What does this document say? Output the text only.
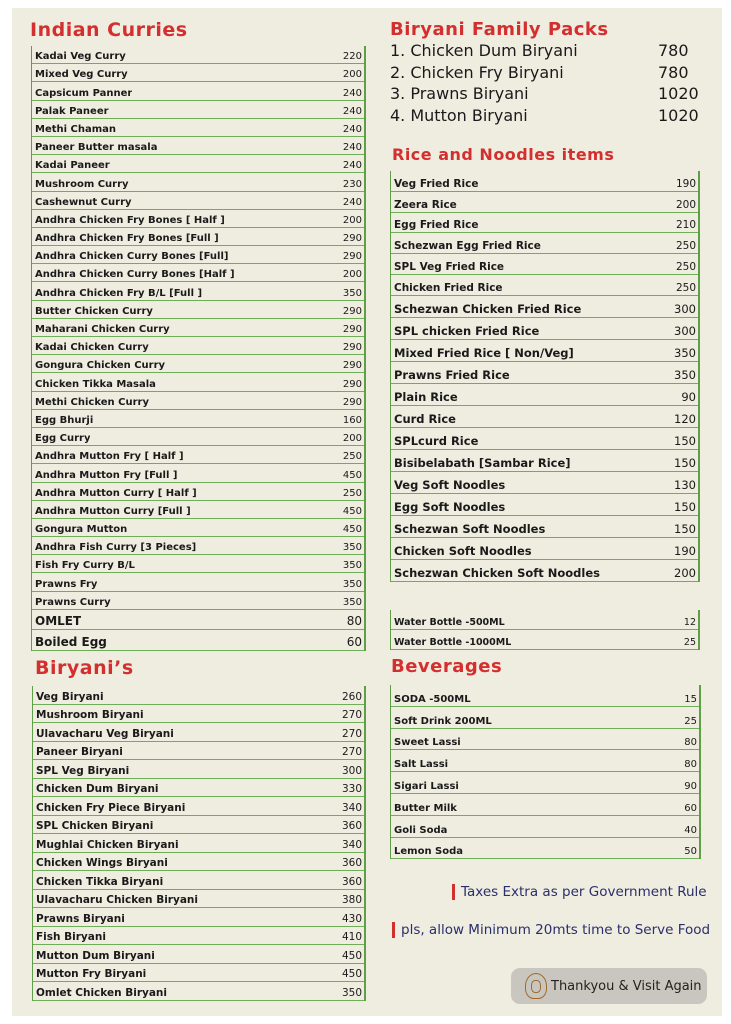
Indian Curries
Kadai Veg Curry	220
Mixed Veg Curry	200
Capsicum Panner	240
Palak Paneer	240
Methi Chaman	240
Paneer Butter masala	240
Kadai Paneer	240
Mushroom Curry	230
Cashewnut Curry	240
Andhra Chicken Fry Bones [ Half ]	200
Andhra Chicken Fry Bones [Full ]	290
Andhra Chicken Curry Bones [Full]	290
Andhra Chicken Curry Bones [Half ]	200
Andhra Chicken Fry B/L [Full ]	350
Butter Chicken Curry	290
Maharani Chicken Curry	290
Kadai Chicken Curry	290
Gongura Chicken Curry	290
Chicken Tikka Masala	290
Methi Chicken Curry	290
Egg Bhurji	160
Egg Curry	200
Andhra Mutton Fry [ Half ]	250
Andhra Mutton Fry [Full ]	450
Andhra Mutton Curry [ Half ]	250
Andhra Mutton Curry [Full ]	450
Gongura Mutton	450
Andhra Fish Curry [3 Pieces]	350
Fish Fry Curry B/L	350
Prawns Fry	350
Prawns Curry	350
OMLET	80
Boiled Egg	60
Biryani’s
Veg Biryani	260
Mushroom Biryani	270
Ulavacharu Veg Biryani	270
Paneer Biryani	270
SPL Veg Biryani	300
Chicken Dum Biryani	330
Chicken Fry Piece Biryani	340
SPL Chicken Biryani	360
Mughlai Chicken Biryani	340
Chicken Wings Biryani	360
Chicken Tikka Biryani	360
Ulavacharu Chicken Biryani	380
Prawns Biryani	430
Fish Biryani	410
Mutton Dum Biryani	450
Mutton Fry Biryani	450
Omlet Chicken Biryani	350
Biryani Family Packs
1. Chicken Dum Biryani	780
2. Chicken Fry Biryani	780
3. Prawns Biryani	1020
4. Mutton Biryani	1020
Rice and Noodles items
Veg Fried Rice	190
Zeera Rice	200
Egg Fried Rice	210
Schezwan Egg Fried Rice	250
SPL Veg Fried Rice	250
Chicken Fried Rice	250
Schezwan Chicken Fried Rice	300
SPL chicken Fried Rice	300
Mixed Fried Rice [ Non/Veg]	350
Prawns Fried Rice	350
Plain Rice	90
Curd Rice	120
SPLcurd Rice	150
Bisibelabath [Sambar Rice]	150
Veg Soft Noodles	130
Egg Soft Noodles	150
Schezwan Soft Noodles	150
Chicken Soft Noodles	190
Schezwan Chicken Soft Noodles	200
Water Bottle -500ML	12
Water Bottle -1000ML	25
Beverages
SODA -500ML	15
Soft Drink 200ML	25
Sweet Lassi	80
Salt Lassi	80
Sigari Lassi	90
Butter Milk	60
Goli Soda	40
Lemon Soda	50
Taxes Extra as per Government Rule
pls, allow Minimum 20mts time to Serve Food
Thankyou & Visit Again
